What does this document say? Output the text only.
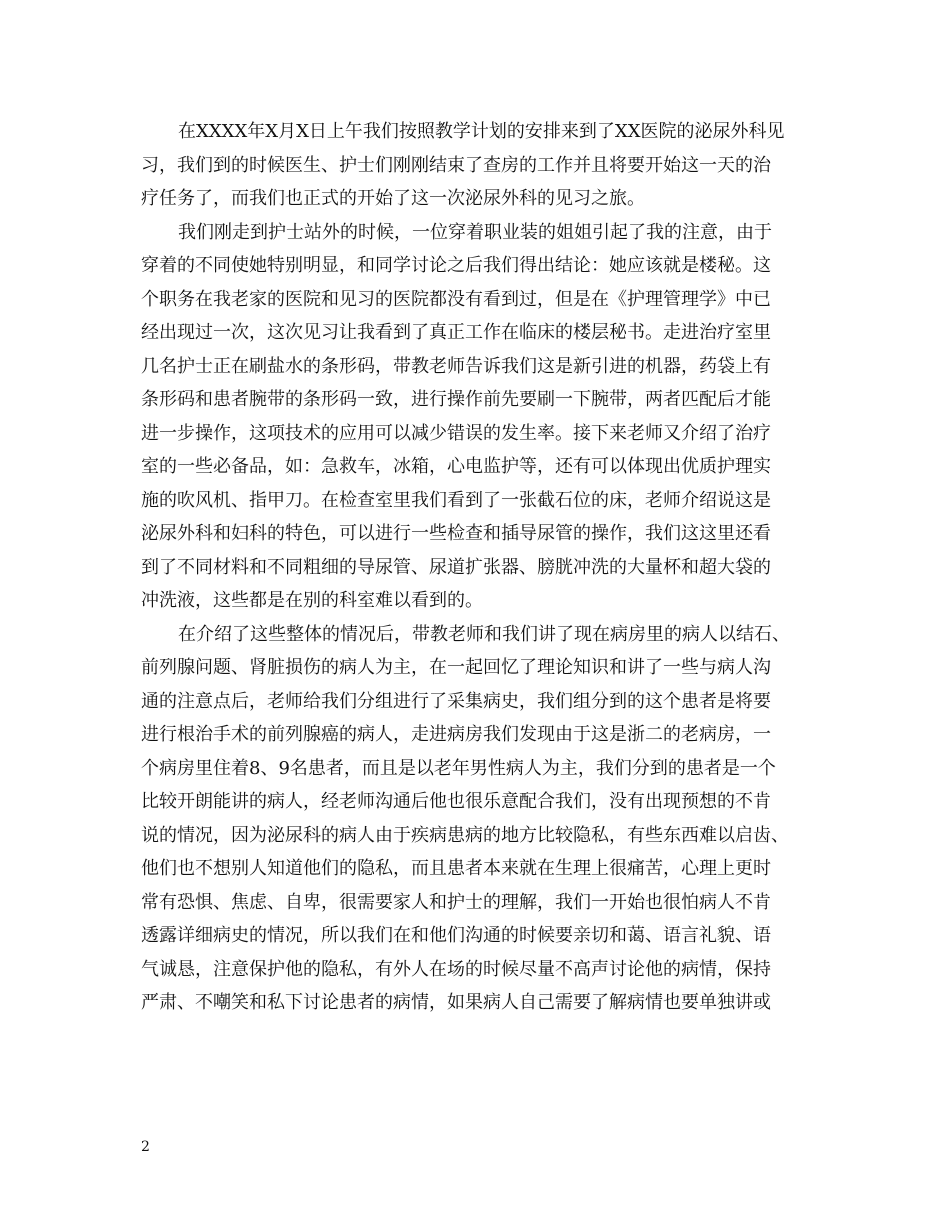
在XXXX年X月X日上午我们按照教学计划的安排来到了XX医院的泌尿外科见
习，我们到的时候医生、护士们刚刚结束了查房的工作并且将要开始这一天的治
疗任务了，而我们也正式的开始了这一次泌尿外科的见习之旅。
我们刚走到护士站外的时候，一位穿着职业装的姐姐引起了我的注意，由于
穿着的不同使她特别明显，和同学讨论之后我们得出结论：她应该就是楼秘。这
个职务在我老家的医院和见习的医院都没有看到过，但是在《护理管理学》中已
经出现过一次，这次见习让我看到了真正工作在临床的楼层秘书。走进治疗室里
几名护士正在刷盐水的条形码，带教老师告诉我们这是新引进的机器，药袋上有
条形码和患者腕带的条形码一致，进行操作前先要刷一下腕带，两者匹配后才能
进一步操作，这项技术的应用可以减少错误的发生率。接下来老师又介绍了治疗
室的一些必备品，如：急救车，冰箱，心电监护等，还有可以体现出优质护理实
施的吹风机、指甲刀。在检查室里我们看到了一张截石位的床，老师介绍说这是
泌尿外科和妇科的特色，可以进行一些检查和插导尿管的操作，我们这这里还看
到了不同材料和不同粗细的导尿管、尿道扩张器、膀胱冲洗的大量杯和超大袋的
冲洗液，这些都是在别的科室难以看到的。
在介绍了这些整体的情况后，带教老师和我们讲了现在病房里的病人以结石、
前列腺问题、肾脏损伤的病人为主，在一起回忆了理论知识和讲了一些与病人沟
通的注意点后，老师给我们分组进行了采集病史，我们组分到的这个患者是将要
进行根治手术的前列腺癌的病人，走进病房我们发现由于这是浙二的老病房，一
个病房里住着8、9名患者，而且是以老年男性病人为主，我们分到的患者是一个
比较开朗能讲的病人，经老师沟通后他也很乐意配合我们，没有出现预想的不肯
说的情况，因为泌尿科的病人由于疾病患病的地方比较隐私，有些东西难以启齿、
他们也不想别人知道他们的隐私，而且患者本来就在生理上很痛苦，心理上更时
常有恐惧、焦虑、自卑，很需要家人和护士的理解，我们一开始也很怕病人不肯
透露详细病史的情况，所以我们在和他们沟通的时候要亲切和蔼、语言礼貌、语
气诚恳，注意保护他的隐私，有外人在场的时候尽量不高声讨论他的病情，保持
严肃、不嘲笑和私下讨论患者的病情，如果病人自己需要了解病情也要单独讲或
2
